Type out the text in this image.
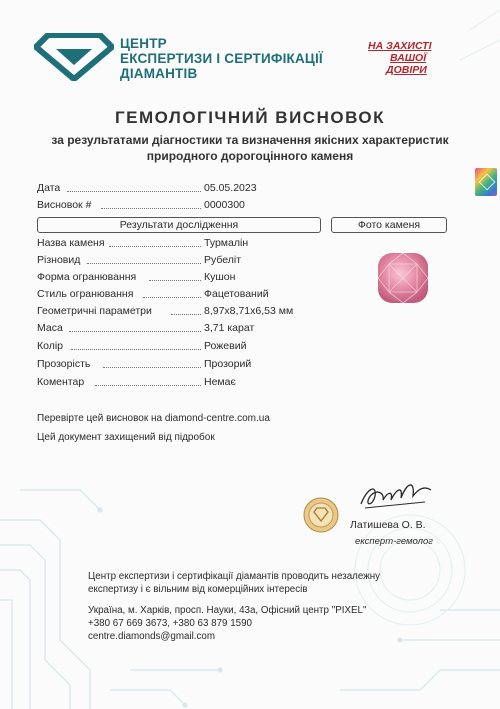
ЦЕНТР
ЕКСПЕРТИЗИ І СЕРТИФІКАЦІЇ
ДІАМАНТІВ
НА ЗАХИСТІ
ВАШОЇ
ДОВІРИ
ГЕМОЛОГІЧНИЙ ВИСНОВОК
за результатами діагностики та визначення якісних характеристик
природного дорогоцінного каменя
Дата	05.05.2023
Висновок #	0000300
Результати дослідження	Фото каменя
Назва каменя	Турмалін
Різновид	Рубеліт
Форма огранювання	Кушон
Стиль огранювання	Фацетований
Геометричні параметри	8,97х8,71х6,53 мм
Маса	3,71 карат
Колір	Рожевий
Прозорість	Прозорий
Коментар	Немає
Перевірте цей висновок на diamond-centre.com.ua
Цей документ захищений від підробок
Латишева О. В.
експерт-гемолог
Центр експертизи і сертифікації діамантів проводить незалежну експертизу і є вільним від комерційних інтересів
Україна, м. Харків, просп. Науки, 43а, Офісний центр "PIXEL"
+380 67 669 3673, +380 63 879 1590
centre.diamonds@gmail.com
